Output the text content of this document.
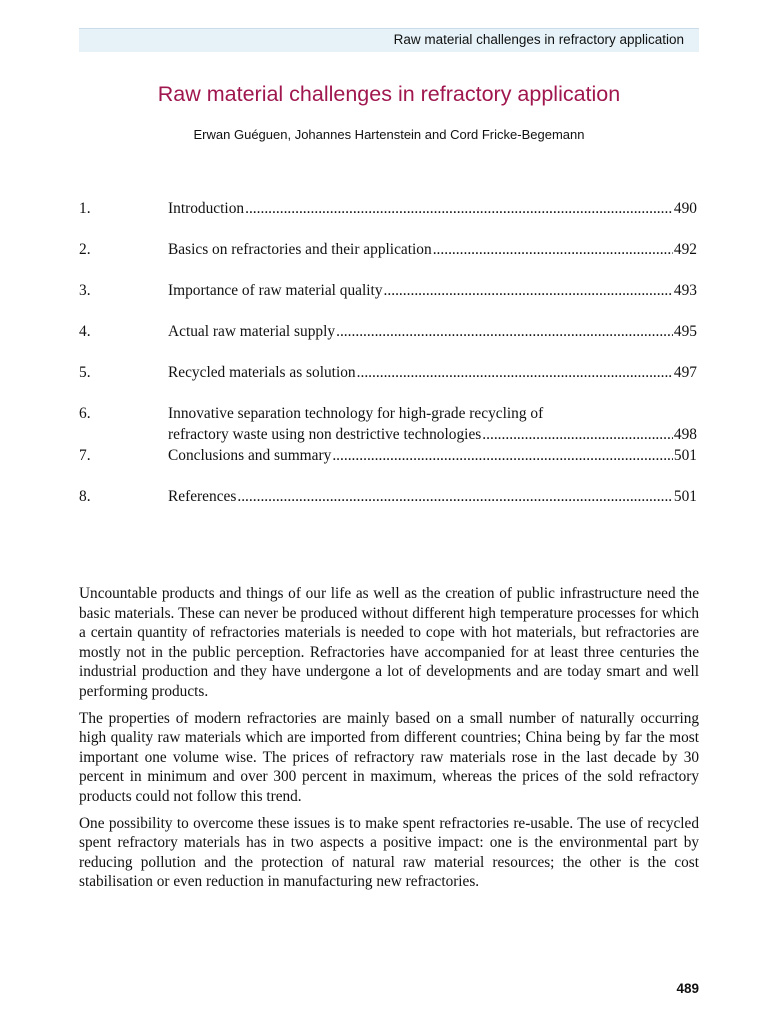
Raw material challenges in refractory application
Raw material challenges in refractory application
Erwan Guéguen, Johannes Hartenstein and Cord Fricke-Begemann
1.	Introduction .....	490
2.	Basics on refractories and their application .....	492
3.	Importance of raw material quality .....	493
4.	Actual raw material supply .....	495
5.	Recycled materials as solution .....	497
6.	Innovative separation technology for high-grade recycling of
refractory waste using non destrictive technologies .....	498
7.	Conclusions and summary .....	501
8.	References .....	501

Uncountable products and things of our life as well as the creation of public infrastructure need the basic materials. These can never be produced without different high temperature processes for which a certain quantity of refractories materials is needed to cope with hot materials, but refractories are mostly not in the public perception. Refractories have accompanied for at least three centuries the industrial production and they have undergone a lot of developments and are today smart and well performing products.

The properties of modern refractories are mainly based on a small number of naturally occurring high quality raw materials which are imported from different countries; China being by far the most important one volume wise. The prices of refractory raw materials rose in the last decade by 30 percent in minimum and over 300 percent in maximum, whereas the prices of the sold refractory products could not follow this trend.

One possibility to overcome these issues is to make spent refractories re-usable. The use of recycled spent refractory materials has in two aspects a positive impact: one is the environmental part by reducing pollution and the protection of natural raw material resources; the other is the cost stabilisation or even reduction in manufacturing new refractories.

489
